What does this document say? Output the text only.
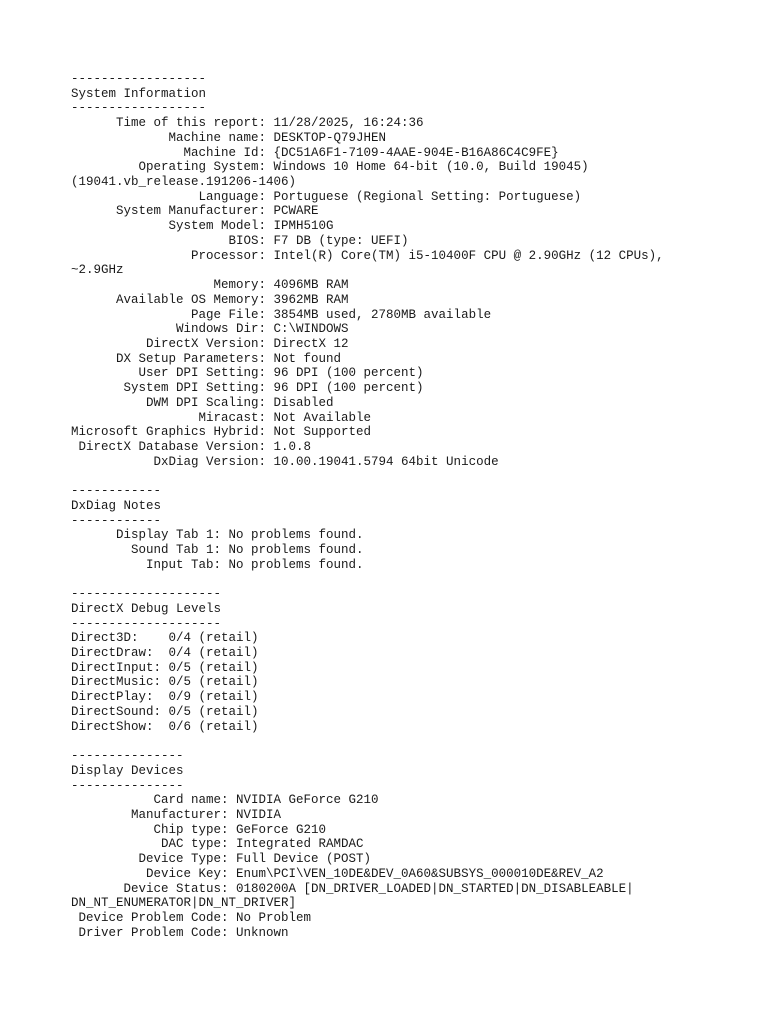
------------------
System Information
------------------
Time of this report: 11/28/2025, 16:24:36
Machine name: DESKTOP-Q79JHEN
Machine Id: {DC51A6F1-7109-4AAE-904E-B16A86C4C9FE}
Operating System: Windows 10 Home 64-bit (10.0, Build 19045)
(19041.vb_release.191206-1406)
Language: Portuguese (Regional Setting: Portuguese)
System Manufacturer: PCWARE
System Model: IPMH510G
BIOS: F7 DB (type: UEFI)
Processor: Intel(R) Core(TM) i5-10400F CPU @ 2.90GHz (12 CPUs),
~2.9GHz
Memory: 4096MB RAM
Available OS Memory: 3962MB RAM
Page File: 3854MB used, 2780MB available
Windows Dir: C:\WINDOWS
DirectX Version: DirectX 12
DX Setup Parameters: Not found
User DPI Setting: 96 DPI (100 percent)
System DPI Setting: 96 DPI (100 percent)
DWM DPI Scaling: Disabled
Miracast: Not Available
Microsoft Graphics Hybrid: Not Supported
DirectX Database Version: 1.0.8
DxDiag Version: 10.00.19041.5794 64bit Unicode

------------
DxDiag Notes
------------
Display Tab 1: No problems found.
Sound Tab 1: No problems found.
Input Tab: No problems found.

--------------------
DirectX Debug Levels
--------------------
Direct3D:    0/4 (retail)
DirectDraw:  0/4 (retail)
DirectInput: 0/5 (retail)
DirectMusic: 0/5 (retail)
DirectPlay:  0/9 (retail)
DirectSound: 0/5 (retail)
DirectShow:  0/6 (retail)

---------------
Display Devices
---------------
Card name: NVIDIA GeForce G210
Manufacturer: NVIDIA
Chip type: GeForce G210
DAC type: Integrated RAMDAC
Device Type: Full Device (POST)
Device Key: Enum\PCI\VEN_10DE&DEV_0A60&SUBSYS_000010DE&REV_A2
Device Status: 0180200A [DN_DRIVER_LOADED|DN_STARTED|DN_DISABLEABLE|
DN_NT_ENUMERATOR|DN_NT_DRIVER]
Device Problem Code: No Problem
Driver Problem Code: Unknown
